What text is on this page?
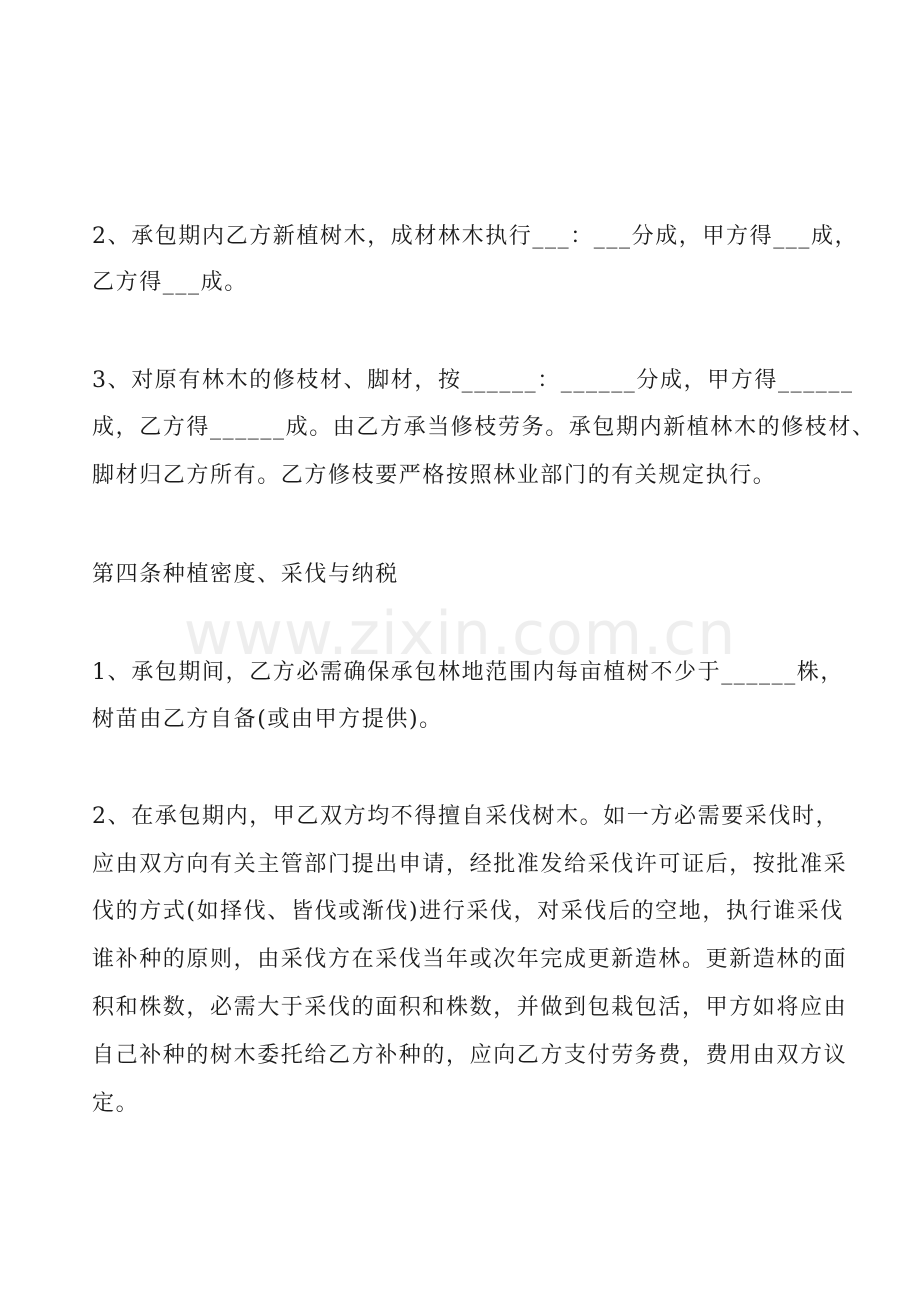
2、承包期内乙方新植树木，成材林木执行___：___分成，甲方得___成，
乙方得___成。
3、对原有林木的修枝材、脚材，按______：______分成，甲方得______
成，乙方得______成。由乙方承当修枝劳务。承包期内新植林木的修枝材、
脚材归乙方所有。乙方修枝要严格按照林业部门的有关规定执行。
第四条种植密度、采伐与纳税
1、承包期间，乙方必需确保承包林地范围内每亩植树不少于______株，
树苗由乙方自备(或由甲方提供)。
2、在承包期内，甲乙双方均不得擅自采伐树木。如一方必需要采伐时，
应由双方向有关主管部门提出申请，经批准发给采伐许可证后，按批准采
伐的方式(如择伐、皆伐或渐伐)进行采伐，对采伐后的空地，执行谁采伐
谁补种的原则，由采伐方在采伐当年或次年完成更新造林。更新造林的面
积和株数，必需大于采伐的面积和株数，并做到包栽包活，甲方如将应由
自己补种的树木委托给乙方补种的，应向乙方支付劳务费，费用由双方议
定。
www.zixin.com.cn
